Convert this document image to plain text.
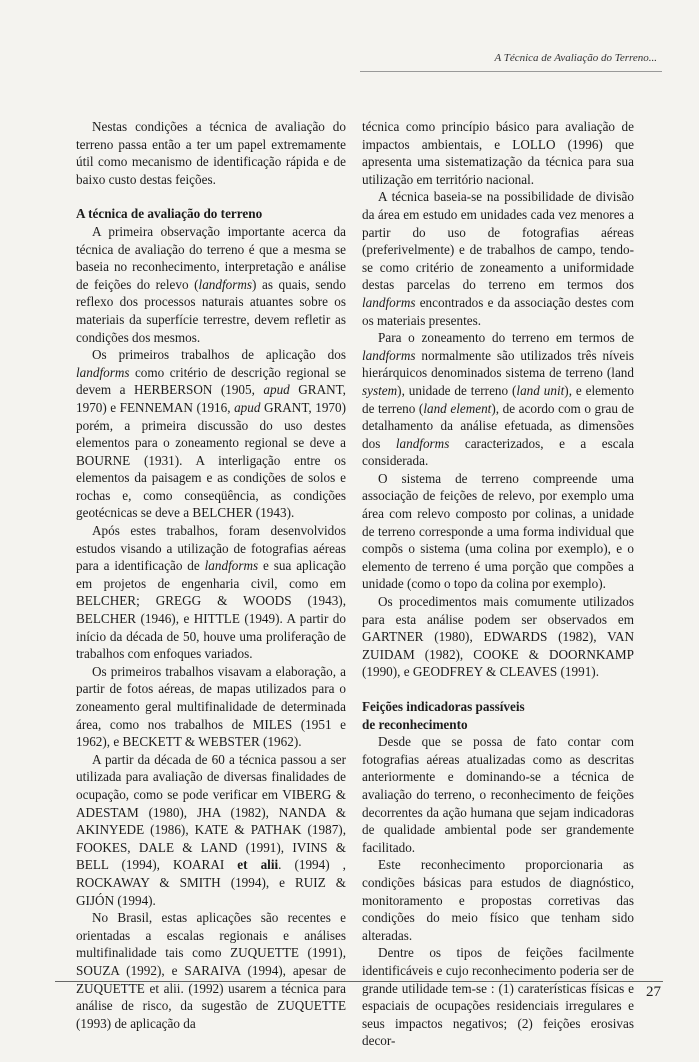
A Técnica de Avaliação do Terreno...

Nestas condições a técnica de avaliação do terreno passa então a ter um papel extremamente útil como mecanismo de identificação rápida e de baixo custo destas feições.

A técnica de avaliação do terreno

A primeira observação importante acerca da técnica de avaliação do terreno é que a mesma se baseia no reconhecimento, interpretação e análise de feições do relevo (landforms) as quais, sendo reflexo dos processos naturais atuantes sobre os materiais da superfície terrestre, devem refletir as condições dos mesmos.

Os primeiros trabalhos de aplicação dos landforms como critério de descrição regional se devem a HERBERSON (1905, apud GRANT, 1970) e FENNEMAN (1916, apud GRANT, 1970) porém, a primeira discussão do uso destes elementos para o zoneamento regional se deve a BOURNE (1931). A interligação entre os elementos da paisagem e as condições de solos e rochas e, como conseqüência, as condições geotécnicas se deve a BELCHER (1943).

Após estes trabalhos, foram desenvolvidos estudos visando a utilização de fotografias aéreas para a identificação de landforms e sua aplicação em projetos de engenharia civil, como em BELCHER; GREGG & WOODS (1943), BELCHER (1946), e HITTLE (1949). A partir do início da década de 50, houve uma proliferação de trabalhos com enfoques variados.

Os primeiros trabalhos visavam a elaboração, a partir de fotos aéreas, de mapas utilizados para o zoneamento geral multifinalidade de determinada área, como nos trabalhos de MILES (1951 e 1962), e BECKETT & WEBSTER (1962).

A partir da década de 60 a técnica passou a ser utilizada para avaliação de diversas finalidades de ocupação, como se pode verificar em VIBERG & ADESTAM (1980), JHA (1982), NANDA & AKINYEDE (1986), KATE & PATHAK (1987), FOOKES, DALE & LAND (1991), IVINS & BELL (1994), KOARAI et alii. (1994) , ROCKAWAY & SMITH (1994), e RUIZ & GIJÓN (1994).

No Brasil, estas aplicações são recentes e orientadas a escalas regionais e análises multifinalidade tais como ZUQUETTE (1991), SOUZA (1992), e SARAIVA (1994), apesar de ZUQUETTE et alii. (1992) usarem a técnica para análise de risco, da sugestão de ZUQUETTE (1993) de aplicação da

técnica como princípio básico para avaliação de impactos ambientais, e LOLLO (1996) que apresenta uma sistematização da técnica para sua utilização em território nacional.

A técnica baseia-se na possibilidade de divisão da área em estudo em unidades cada vez menores a partir do uso de fotografias aéreas (preferivelmente) e de trabalhos de campo, tendo-se como critério de zoneamento a uniformidade destas parcelas do terreno em termos dos landforms encontrados e da associação destes com os materiais presentes.

Para o zoneamento do terreno em termos de landforms normalmente são utilizados três níveis hierárquicos denominados sistema de terreno (land system), unidade de terreno (land unit), e elemento de terreno (land element), de acordo com o grau de detalhamento da análise efetuada, as dimensões dos landforms caracterizados, e a escala considerada.

O sistema de terreno compreende uma associação de feições de relevo, por exemplo uma área com relevo composto por colinas, a unidade de terreno corresponde a uma forma individual que compõs o sistema (uma colina por exemplo), e o elemento de terreno é uma porção que compões a unidade (como o topo da colina por exemplo).

Os procedimentos mais comumente utilizados para esta análise podem ser observados em GARTNER (1980), EDWARDS (1982), VAN ZUIDAM (1982), COOKE & DOORNKAMP (1990), e GEODFREY & CLEAVES (1991).

Feições indicadoras passíveis
de reconhecimento

Desde que se possa de fato contar com fotografias aéreas atualizadas como as descritas anteriormente e dominando-se a técnica de avaliação do terreno, o reconhecimento de feições decorrentes da ação humana que sejam indicadoras de qualidade ambiental pode ser grandemente facilitado.

Este reconhecimento proporcionaria as condições básicas para estudos de diagnóstico, monitoramento e propostas corretivas das condições do meio físico que tenham sido alteradas.

Dentre os tipos de feições facilmente identificáveis e cujo reconhecimento poderia ser de grande utilidade tem-se : (1) caraterísticas físicas e espaciais de ocupações residenciais irregulares e seus impactos negativos; (2) feições erosivas decor-

27
